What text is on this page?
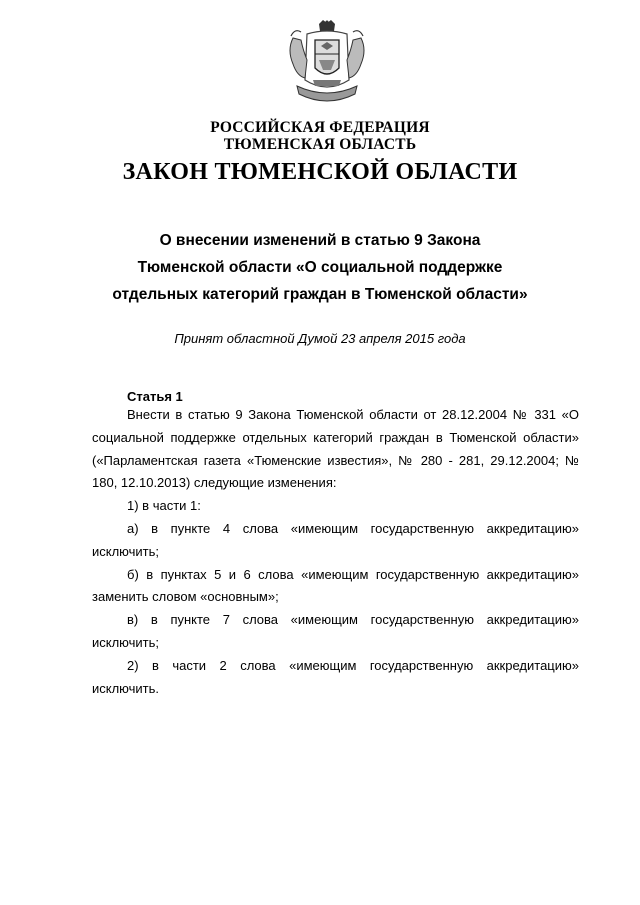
РОССИЙСКАЯ ФЕДЕРАЦИЯ
ТЮМЕНСКАЯ ОБЛАСТЬ
ЗАКОН ТЮМЕНСКОЙ ОБЛАСТИ
О внесении изменений в статью 9 Закона
Тюменской области «О социальной поддержке
отдельных категорий граждан в Тюменской области»
Принят областной Думой 23 апреля 2015 года
Статья 1

Внести в статью 9 Закона Тюменской области от 28.12.2004 № 331 «О социальной поддержке отдельных категорий граждан в Тюменской области» («Парламентская газета «Тюменские известия», № 280 - 281, 29.12.2004; № 180, 12.10.2013) следующие изменения:

1) в части 1:

а) в пункте 4 слова «имеющим государственную аккредитацию» исключить;

б) в пунктах 5 и 6 слова «имеющим государственную аккредитацию» заменить словом «основным»;

в) в пункте 7 слова «имеющим государственную аккредитацию» исключить;

2) в части 2 слова «имеющим государственную аккредитацию» исключить.
